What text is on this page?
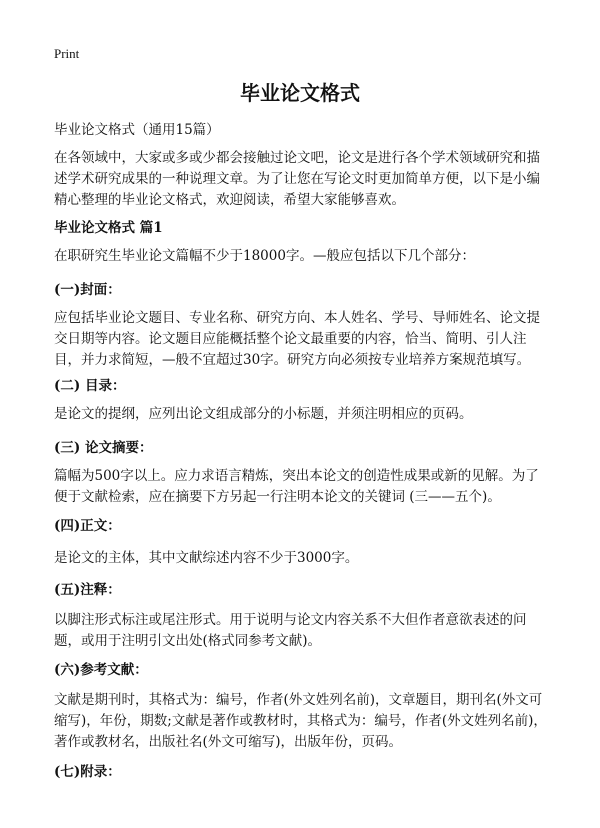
Print
毕业论文格式

毕业论文格式（通用15篇）

在各领域中，大家或多或少都会接触过论文吧，论文是进行各个学术领域研究和描述学术研究成果的一种说理文章。为了让您在写论文时更加简单方便，以下是小编精心整理的毕业论文格式，欢迎阅读，希望大家能够喜欢。

毕业论文格式 篇1

在职研究生毕业论文篇幅不少于18000字。—般应包括以下几个部分：

(一)封面：

应包括毕业论文题目、专业名称、研究方向、本人姓名、学号、导师姓名、论文提交日期等内容。论文题目应能概括整个论文最重要的内容，恰当、简明、引人注目，并力求简短，—般不宜超过30字。研究方向必须按专业培养方案规范填写。

(二) 目录：

是论文的提纲，应列出论文组成部分的小标题，并须注明相应的页码。

(三) 论文摘要：

篇幅为500字以上。应力求语言精炼，突出本论文的创造性成果或新的见解。为了便于文献检索，应在摘要下方另起一行注明本论文的关键词 (三——五个)。

(四)正文：

是论文的主体，其中文献综述内容不少于3000字。

(五)注释：

以脚注形式标注或尾注形式。用于说明与论文内容关系不大但作者意欲表述的问题，或用于注明引文出处(格式同参考文献)。

(六)参考文献：

文献是期刊时，其格式为：编号，作者(外文姓列名前)，文章题目，期刊名(外文可缩写)，年份，期数;文献是著作或教材时，其格式为：编号，作者(外文姓列名前)，著作或教材名，出版社名(外文可缩写)，出版年份，页码。

(七)附录：
